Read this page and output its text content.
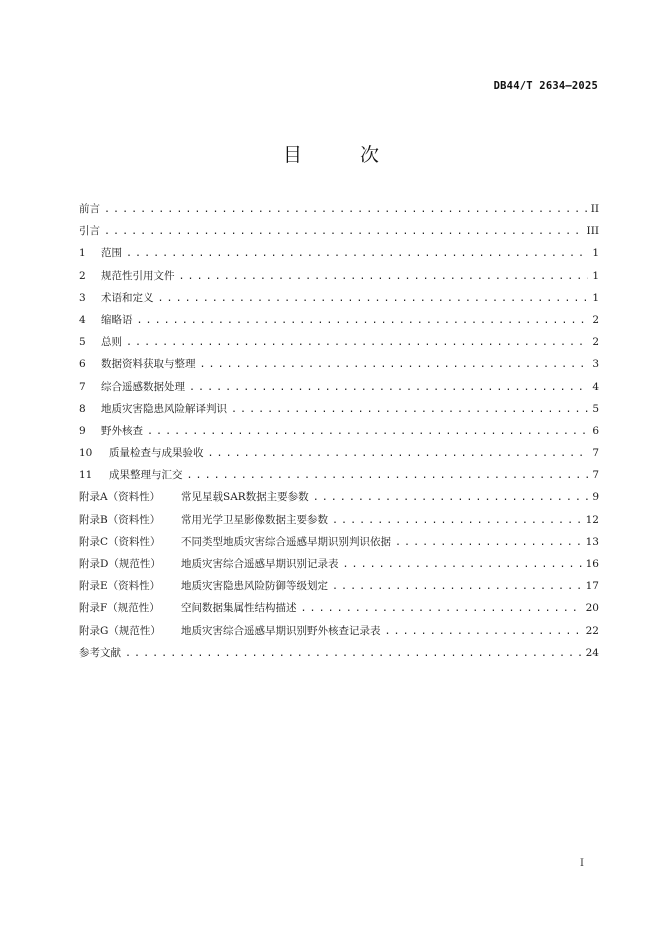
DB44/T 2634—2025
目 次
前言 . . .	II
引言 . . .	III
1	范围 . . .	1
2	规范性引用文件 . . .	1
3	术语和定义 . . .	1
4	缩略语 . . .	2
5	总则 . . .	2
6	数据资料获取与整理 . . .	3
7	综合遥感数据处理 . . .	4
8	地质灾害隐患风险解译判识 . . .	5
9	野外核查 . . .	6
10	质量检查与成果验收 . . .	7
11	成果整理与汇交 . . .	7
附录A（资料性）	常见星载SAR数据主要参数 . . .	9
附录B（资料性）	常用光学卫星影像数据主要参数 . . .	12
附录C（资料性）	不同类型地质灾害综合遥感早期识别判识依据 . . .	13
附录D（规范性）	地质灾害综合遥感早期识别记录表 . . .	16
附录E（资料性）	地质灾害隐患风险防御等级划定 . . .	17
附录F（规范性）	空间数据集属性结构描述 . . .	20
附录G（规范性）	地质灾害综合遥感早期识别野外核查记录表 . . .	22
参考文献 . . .	24
I
